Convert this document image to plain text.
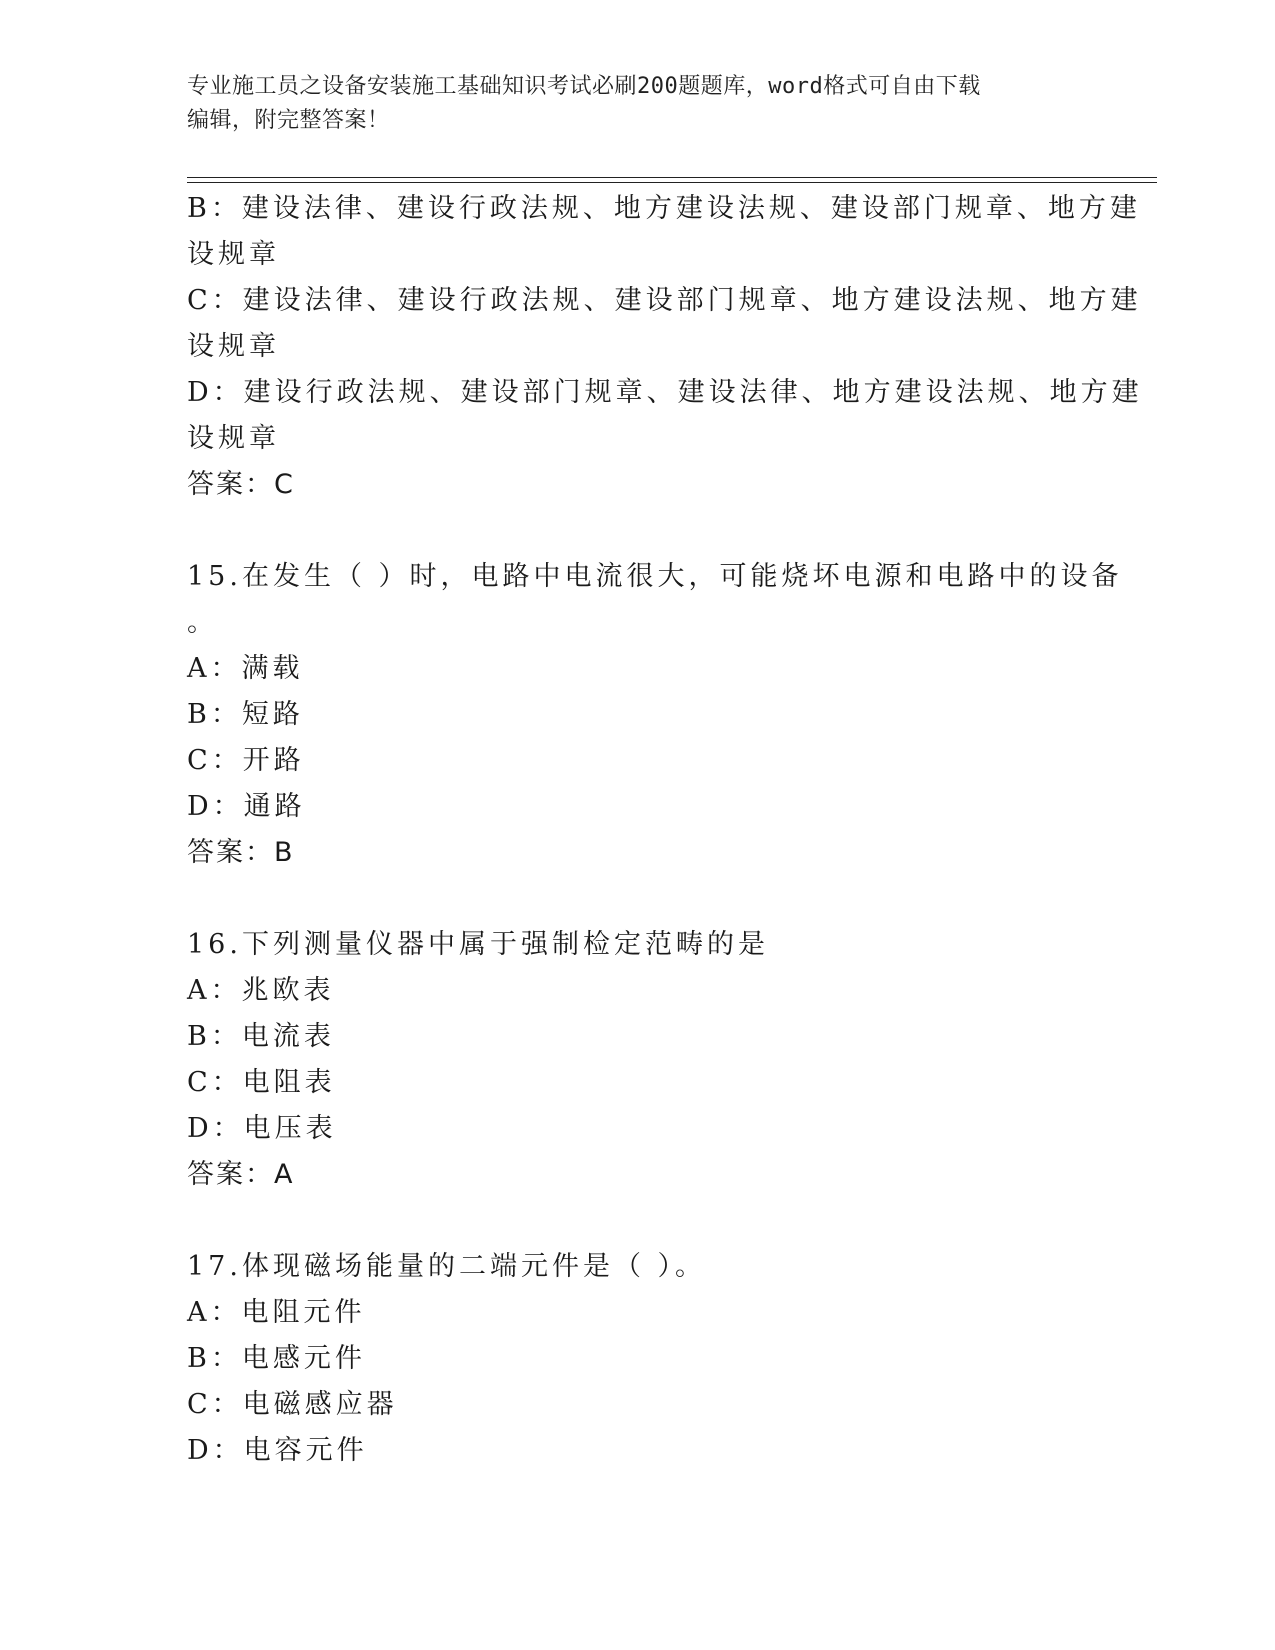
专业施工员之设备安装施工基础知识考试必刷200题题库，word格式可自由下载
编辑，附完整答案！
B：建设法律、建设行政法规、地方建设法规、建设部门规章、地方建
设规章
C：建设法律、建设行政法规、建设部门规章、地方建设法规、地方建
设规章
D：建设行政法规、建设部门规章、建设法律、地方建设法规、地方建
设规章
答案：C
15.在发生（ ）时，电路中电流很大，可能烧坏电源和电路中的设备
。
A：满载
B：短路
C：开路
D：通路
答案：B
16.下列测量仪器中属于强制检定范畴的是
A：兆欧表
B：电流表
C：电阻表
D：电压表
答案：A
17.体现磁场能量的二端元件是（ ）。
A：电阻元件
B：电感元件
C：电磁感应器
D：电容元件
